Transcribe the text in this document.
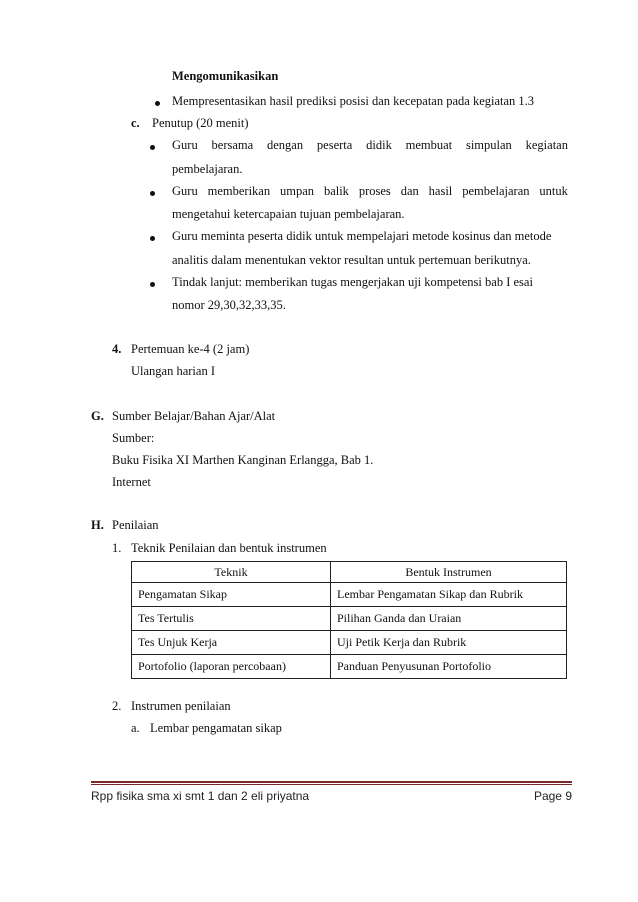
Mengomunikasikan
Mempresentasikan hasil prediksi posisi dan kecepatan pada kegiatan 1.3
c. Penutup (20 menit)
Guru bersama dengan peserta didik membuat simpulan kegiatan
pembelajaran.
Guru memberikan umpan balik proses dan hasil pembelajaran untuk
mengetahui ketercapaian tujuan pembelajaran.
Guru meminta peserta didik untuk mempelajari metode kosinus dan metode
analitis dalam menentukan vektor resultan untuk pertemuan berikutnya.
Tindak lanjut: memberikan tugas mengerjakan uji kompetensi bab I esai
nomor 29,30,32,33,35.
4. Pertemuan ke-4 (2 jam)
Ulangan harian I
G. Sumber Belajar/Bahan Ajar/Alat
Sumber:
Buku Fisika XI Marthen Kanginan Erlangga, Bab 1.
Internet
H. Penilaian
1. Teknik Penilaian dan bentuk instrumen
Teknik	Bentuk Instrumen
Pengamatan Sikap	Lembar Pengamatan Sikap dan Rubrik
Tes Tertulis	Pilihan Ganda dan Uraian
Tes Unjuk Kerja	Uji Petik Kerja dan Rubrik
Portofolio (laporan percobaan)	Panduan Penyusunan Portofolio
2. Instrumen penilaian
a. Lembar pengamatan sikap
Rpp fisika sma xi smt 1 dan 2 eli priyatna	Page 9
